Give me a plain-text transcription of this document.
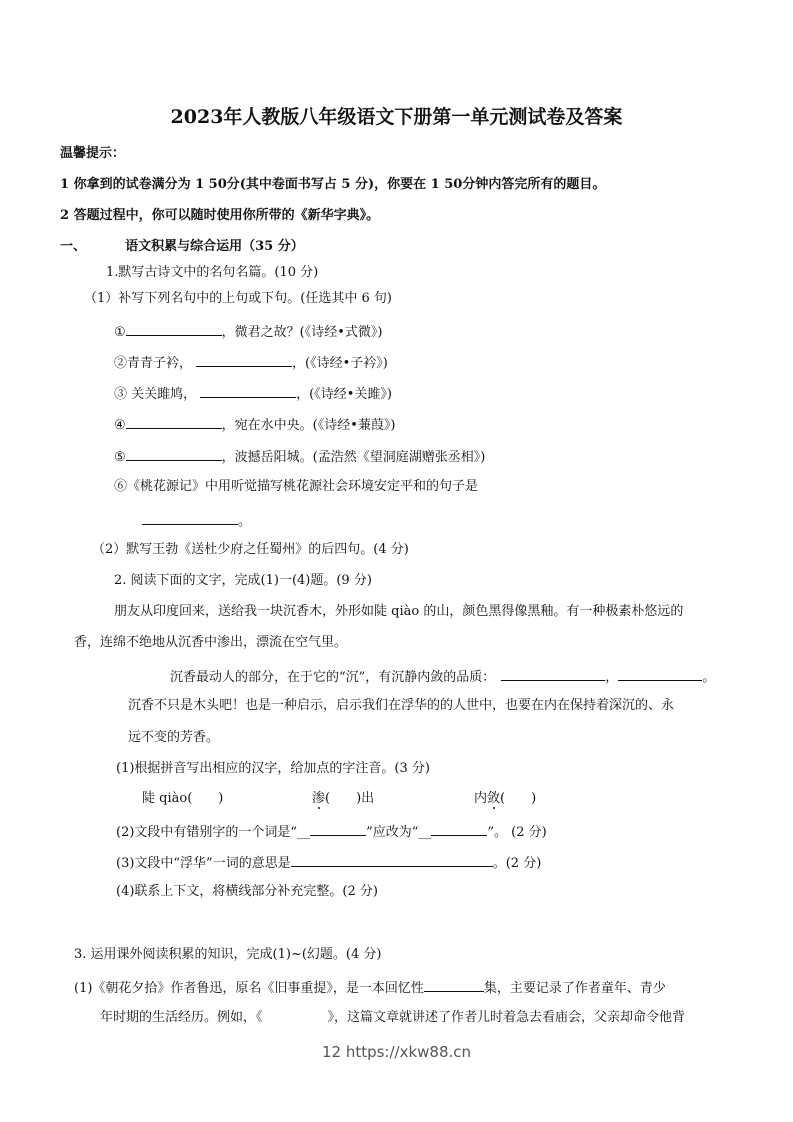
2023年人教版八年级语文下册第一单元测试卷及答案
温馨提示：
1 你拿到的试卷满分为 1 50分(其中卷面书写占 5 分)，你要在 1 50分钟内答完所有的题目。
2 答题过程中，你可以随时使用你所带的《新华字典》。
一、	语文积累与综合运用（35 分）
1.默写古诗文中的名句名篇。(10 分)
（1）补写下列名句中的上句或下句。(任选其中 6 句)
①	，微君之故？(《诗经•式微》)
②青青子衿，	，(《诗经•子衿》)
③ 关关雎鸠，	，(《诗经•关雎》)
④	，宛在水中央。(《诗经•蒹葭》)
⑤	，波撼岳阳城。(孟浩然《望洞庭湖赠张丞相》)
⑥《桃花源记》中用听觉描写桃花源社会环境安定平和的句子是
。
（2）默写王勃《送杜少府之任蜀州》的后四句。(4 分)
2. 阅读下面的文字，完成(1)一(4)题。(9 分)
朋友从印度回来，送给我一块沉香木，外形如陡 qiào 的山，颜色黑得像黑釉。有一种极素朴悠远的
香，连绵不绝地从沉香中渗出，漂流在空气里。
沉香最动人的部分，在于它的“沉”，有沉静内敛的品质：	，	。
沉香不只是木头吧！也是一种启示，启示我们在浮华的的人世中，也要在内在保持着深沉的、永
远不变的芳香。
(1)根据拼音写出相应的汉字，给加点的字注音。(3 分)
陡 qiào(　　)	渗(　　)出	内敛(　　)
(2)文段中有错别字的一个词是“__	”应改为“__	”。 (2 分)
(3)文段中“浮华”一词的意思是	。(2 分)
(4)联系上下文，将横线部分补充完整。(2 分)
3. 运用课外阅读积累的知识，完成(1)~(幻题。(4 分)
(1)《朝花夕拾》作者鲁迅，原名《旧事重提》，是一本回忆性	集，主要记录了作者童年、青少
年时期的生活经历。例如，《　　　　　》，这篇文章就讲述了作者儿时着急去看庙会，父亲却命令他背
12 https://xkw88.cn
